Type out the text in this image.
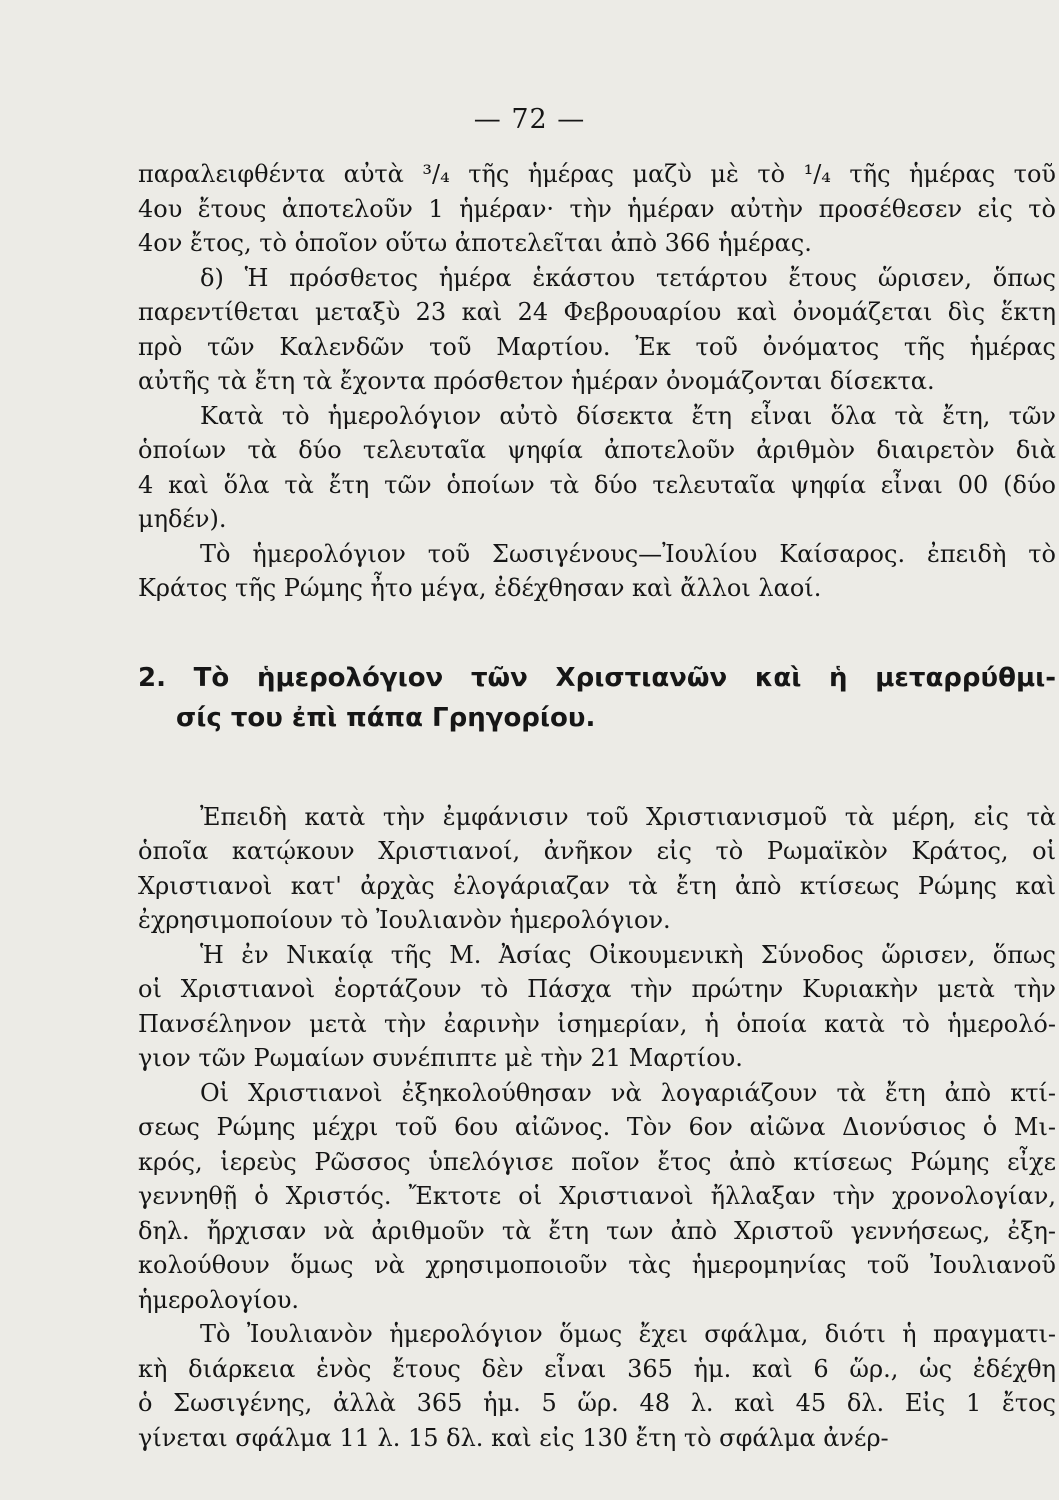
— 72 —
παραλειφθέντα αὐτὰ ³/₄ τῆς ἡμέρας μαζὺ μὲ τὸ ¹/₄ τῆς ἡμέρας τοῦ
4ου ἔτους ἀποτελοῦν 1 ἡμέραν· τὴν ἡμέραν αὐτὴν προσέθεσεν εἰς τὸ
4ον ἔτος, τὸ ὁποῖον οὕτω ἀποτελεῖται ἀπὸ 366 ἡμέρας.
δ) Ἡ πρόσθετος ἡμέρα ἑκάστου τετάρτου ἔτους ὥρισεν, ὅπως
παρεντίθεται μεταξὺ 23 καὶ 24 Φεβρουαρίου καὶ ὀνομάζεται δὶς ἕκτη
πρὸ τῶν Καλενδῶν τοῦ Μαρτίου. Ἐκ τοῦ ὀνόματος τῆς ἡμέρας
αὐτῆς τὰ ἔτη τὰ ἔχοντα πρόσθετον ἡμέραν ὀνομάζονται δίσεκτα.
Κατὰ τὸ ἡμερολόγιον αὐτὸ δίσεκτα ἔτη εἶναι ὅλα τὰ ἔτη, τῶν
ὁποίων τὰ δύο τελευταῖα ψηφία ἀποτελοῦν ἀριθμὸν διαιρετὸν διὰ
4 καὶ ὅλα τὰ ἔτη τῶν ὁποίων τὰ δύο τελευταῖα ψηφία εἶναι 00 (δύο
μηδέν).
Τὸ ἡμερολόγιον τοῦ Σωσιγένους—Ἰουλίου Καίσαρος. ἐπειδὴ τὸ
Κράτος τῆς Ρώμης ἦτο μέγα, ἐδέχθησαν καὶ ἄλλοι λαοί.
2. Τὸ ἡμερολόγιον τῶν Χριστιανῶν καὶ ἡ μεταρρύθμι-
σίς του ἐπὶ πάπα Γρηγορίου.
Ἐπειδὴ κατὰ τὴν ἐμφάνισιν τοῦ Χριστιανισμοῦ τὰ μέρη, εἰς τὰ
ὁποῖα κατῴκουν Χριστιανοί, ἀνῆκον εἰς τὸ Ρωμαϊκὸν Κράτος, οἱ
Χριστιανοὶ κατ' ἀρχὰς ἐλογάριαζαν τὰ ἔτη ἀπὸ κτίσεως Ρώμης καὶ
ἐχρησιμοποίουν τὸ Ἰουλιανὸν ἡμερολόγιον.
Ἡ ἐν Νικαίᾳ τῆς Μ. Ἀσίας Οἰκουμενικὴ Σύνοδος ὥρισεν, ὅπως
οἱ Χριστιανοὶ ἑορτάζουν τὸ Πάσχα τὴν πρώτην Κυριακὴν μετὰ τὴν
Πανσέληνον μετὰ τὴν ἐαρινὴν ἰσημερίαν, ἡ ὁποία κατὰ τὸ ἡμερολό-
γιον τῶν Ρωμαίων συνέπιπτε μὲ τὴν 21 Μαρτίου.
Οἱ Χριστιανοὶ ἐξηκολούθησαν νὰ λογαριάζουν τὰ ἔτη ἀπὸ κτί-
σεως Ρώμης μέχρι τοῦ 6ου αἰῶνος. Τὸν 6ον αἰῶνα Διονύσιος ὁ Μι-
κρός, ἱερεὺς Ρῶσσος ὑπελόγισε ποῖον ἔτος ἀπὸ κτίσεως Ρώμης εἶχε
γεννηθῇ ὁ Χριστός. Ἔκτοτε οἱ Χριστιανοὶ ἤλλαξαν τὴν χρονολογίαν,
δηλ. ἤρχισαν νὰ ἀριθμοῦν τὰ ἔτη των ἀπὸ Χριστοῦ γεννήσεως, ἐξη-
κολούθουν ὅμως νὰ χρησιμοποιοῦν τὰς ἡμερομηνίας τοῦ Ἰουλιανοῦ
ἡμερολογίου.
Τὸ Ἰουλιανὸν ἡμερολόγιον ὅμως ἔχει σφάλμα, διότι ἡ πραγματι-
κὴ διάρκεια ἑνὸς ἔτους δὲν εἶναι 365 ἡμ. καὶ 6 ὥρ., ὡς ἐδέχθη
ὁ Σωσιγένης, ἀλλὰ 365 ἡμ. 5 ὥρ. 48 λ. καὶ 45 δλ. Εἰς 1 ἔτος
γίνεται σφάλμα 11 λ. 15 δλ. καὶ εἰς 130 ἔτη τὸ σφάλμα ἀνέρ-
